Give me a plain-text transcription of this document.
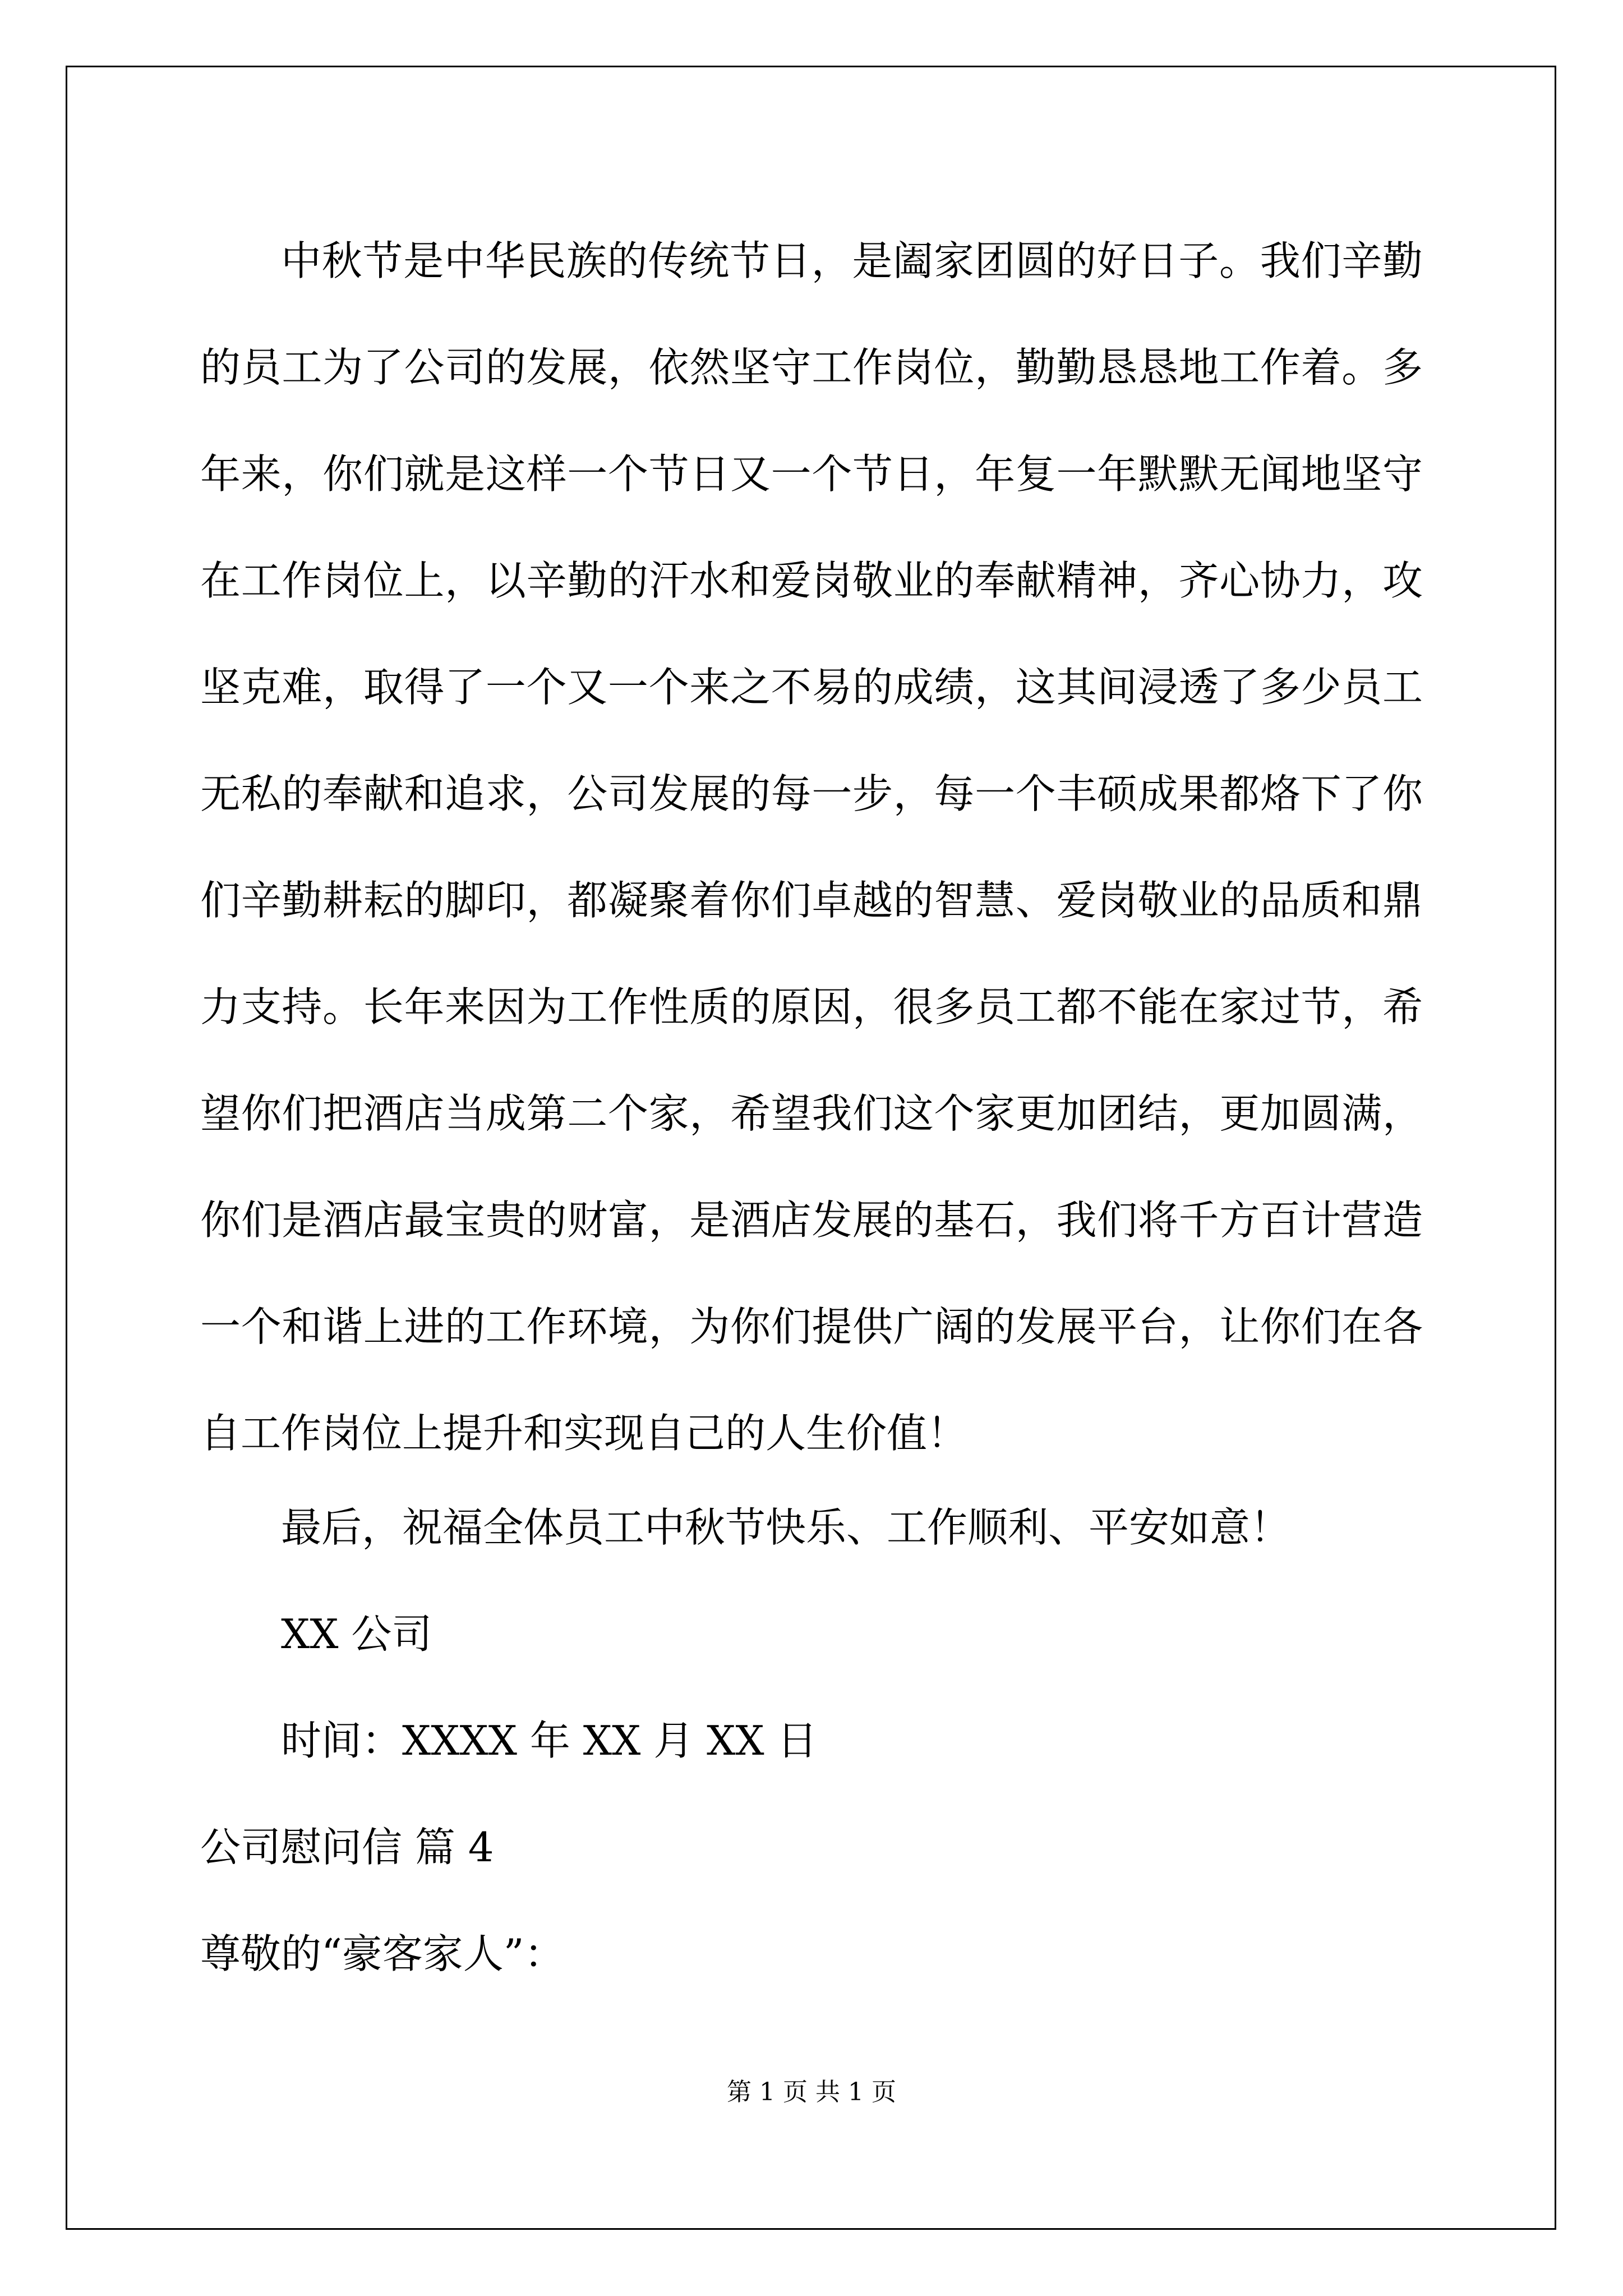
中秋节是中华民族的传统节日，是阖家团圆的好日子。我们辛勤的员工为了公司的发展，依然坚守工作岗位，勤勤恳恳地工作着。多年来，你们就是这样一个节日又一个节日，年复一年默默无闻地坚守在工作岗位上，以辛勤的汗水和爱岗敬业的奉献精神，齐心协力，攻坚克难，取得了一个又一个来之不易的成绩，这其间浸透了多少员工无私的奉献和追求，公司发展的每一步，每一个丰硕成果都烙下了你们辛勤耕耘的脚印，都凝聚着你们卓越的智慧、爱岗敬业的品质和鼎力支持。长年来因为工作性质的原因，很多员工都不能在家过节，希望你们把酒店当成第二个家，希望我们这个家更加团结，更加圆满，你们是酒店最宝贵的财富，是酒店发展的基石，我们将千方百计营造一个和谐上进的工作环境，为你们提供广阔的发展平台，让你们在各自工作岗位上提升和实现自己的人生价值！
最后，祝福全体员工中秋节快乐、工作顺利、平安如意！
XX 公司
时间：XXXX 年 XX 月 XX 日
公司慰问信 篇 4
尊敬的“豪客家人”：
第 1 页 共 1 页
